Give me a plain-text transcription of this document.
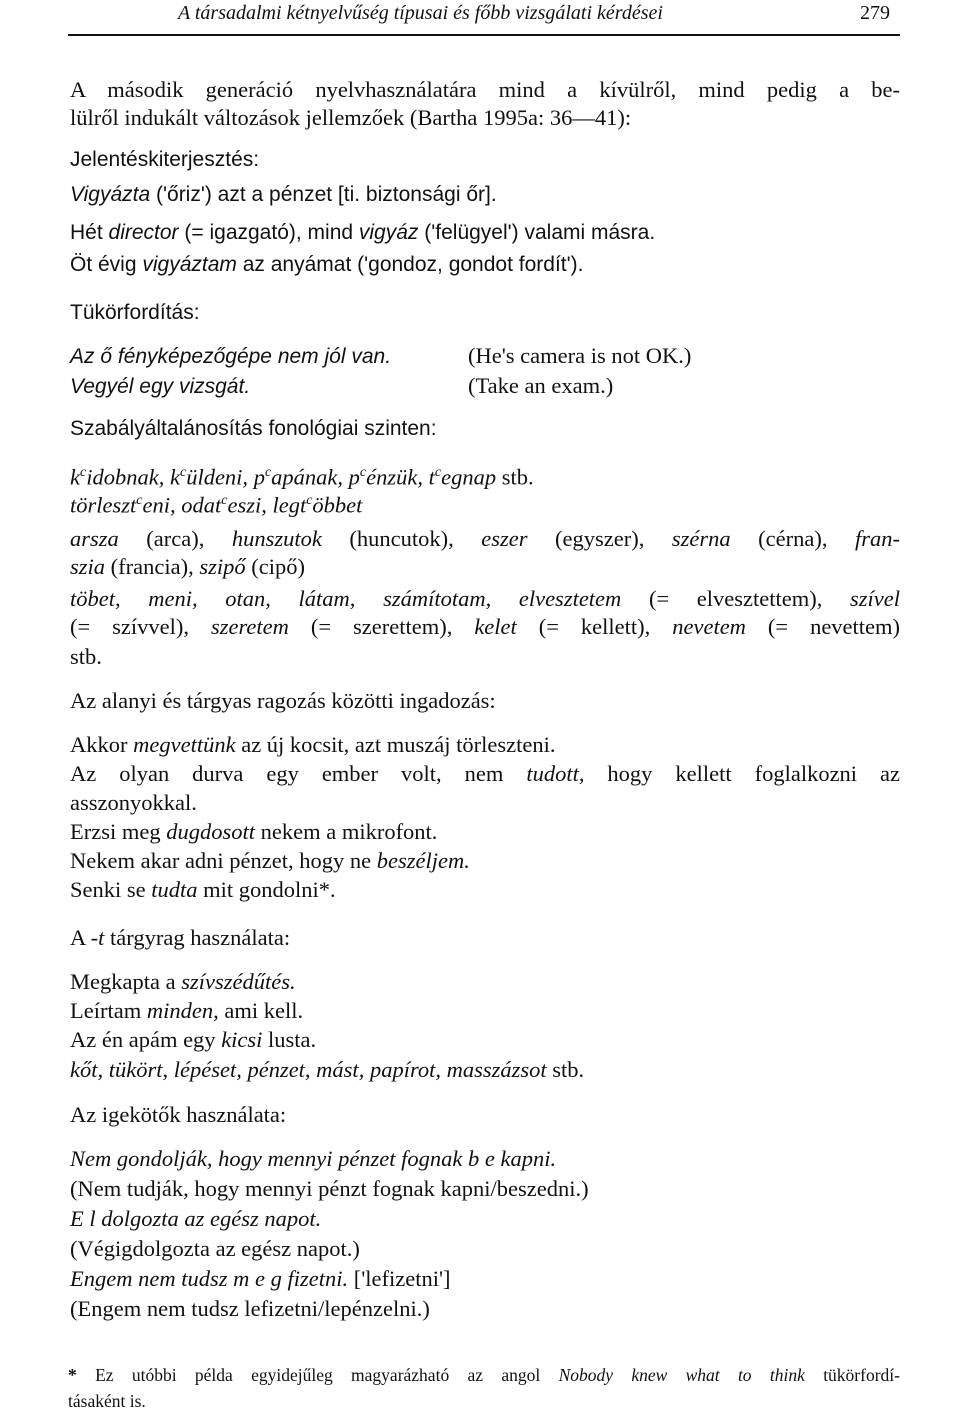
A társadalmi kétnyelvűség típusai és főbb vizsgálati kérdései	279
A második generáció nyelvhasználatára mind a kívülről, mind pedig a be-
lülről indukált változások jellemzőek (Bartha 1995a: 36—41):
Jelentéskiterjesztés:
Vigyázta ('őriz') azt a pénzet [ti. biztonsági őr].
Hét director (= igazgató), mind vigyáz ('felügyel') valami másra.
Öt évig vigyáztam az anyámat ('gondoz, gondot fordít').
Tükörfordítás:
Az ő fényképezőgépe nem jól van.	(He's camera is not OK.)
Vegyél egy vizsgát.	(Take an exam.)
Szabályáltalánosítás fonológiai szinten:
$k^cidobnak$, $k^cüldeni$, $p^capának$, $p^cénzük$, $t^cegnap$ stb.
törleszt$^c$eni, odat$^c$eszi, legt$^c$öbbet
arsza (arca), hunszutok (huncutok), eszer (egyszer), szérna (cérna), fran-
szia (francia), szipő (cipő)
töbet, meni, otan, látam, számítotam, elvesztetem (= elvesztettem), szível
(= szívvel), szeretem (= szerettem), kelet (= kellett), nevetem (= nevettem)
stb.
Az alanyi és tárgyas ragozás közötti ingadozás:
Akkor megvettünk az új kocsit, azt muszáj törleszteni.
Az olyan durva egy ember volt, nem tudott, hogy kellett foglalkozni az
asszonyokkal.
Erzsi meg dugdosott nekem a mikrofont.
Nekem akar adni pénzet, hogy ne beszéljem.
Senki se tudta mit gondolni*.
A -t tárgyrag használata:
Megkapta a szívszédűtés.
Leírtam minden, ami kell.
Az én apám egy kicsi lusta.
kőt, tükört, lépéset, pénzet, mást, papírot, masszázsot stb.
Az igekötők használata:
Nem gondolják, hogy mennyi pénzet fognak b e kapni.
(Nem tudják, hogy mennyi pénzt fognak kapni/beszedni.)
E l dolgozta az egész napot.
(Végigdolgozta az egész napot.)
Engem nem tudsz m e g fizetni. ['lefizetni']
(Engem nem tudsz lefizetni/lepénzelni.)
* Ez utóbbi példa egyidejűleg magyarázható az angol Nobody knew what to think tükörfordí-
tásaként is.
